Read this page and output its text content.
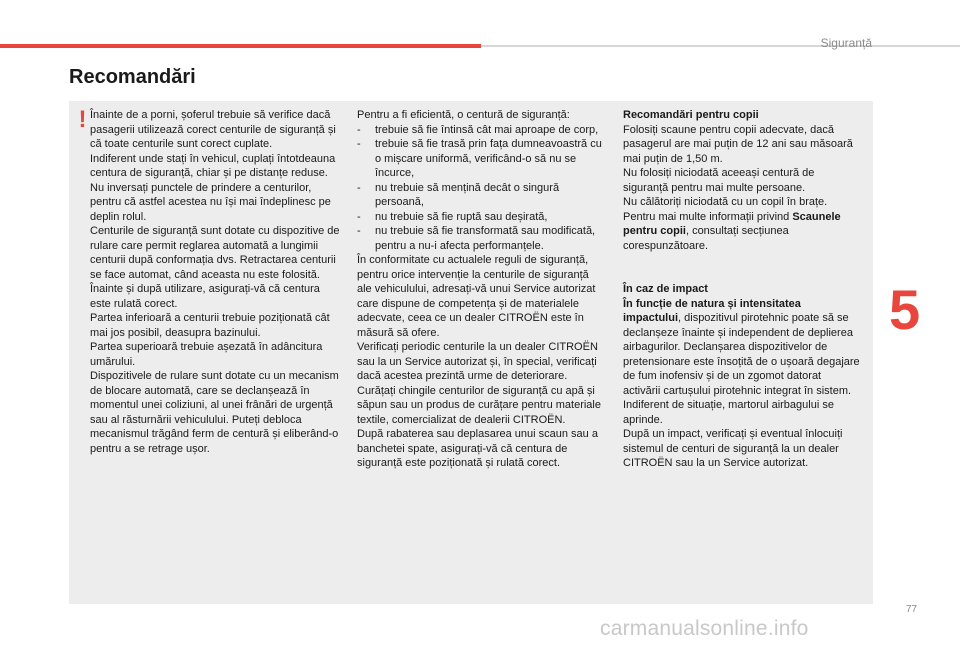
Siguranță
Recomandări
! Înainte de a porni, șoferul trebuie să verifice dacă pasagerii utilizează corect centurile de siguranță și că toate centurile sunt corect cuplate.

Indiferent unde stați în vehicul, cuplați întotdeauna centura de siguranță, chiar și pe distanțe reduse.

Nu inversați punctele de prindere a centurilor, pentru că astfel acestea nu își mai îndeplinesc pe deplin rolul.

Centurile de siguranță sunt dotate cu dispozitive de rulare care permit reglarea automată a lungimii centurii după conformația dvs. Retractarea centurii se face automat, când aceasta nu este folosită.

Înainte și după utilizare, asigurați-vă că centura este rulată corect.

Partea inferioară a centurii trebuie poziționată cât mai jos posibil, deasupra bazinului.

Partea superioară trebuie așezată în adâncitura umărului.

Dispozitivele de rulare sunt dotate cu un mecanism de blocare automată, care se declanșează în momentul unei coliziuni, al unei frânări de urgență sau al răsturnării vehiculului. Puteți debloca mecanismul trăgând ferm de centură și eliberând-o pentru a se retrage ușor.

Pentru a fi eficientă, o centură de siguranță:

-	trebuie să fie întinsă cât mai aproape de corp,
-	trebuie să fie trasă prin fața dumneavoastră cu o mișcare uniformă, verificând-o să nu se încurce,
-	nu trebuie să mențină decât o singură persoană,
-	nu trebuie să fie ruptă sau deșirată,
-	nu trebuie să fie transformată sau modificată, pentru a nu-i afecta performanțele.

În conformitate cu actualele reguli de siguranță, pentru orice intervenție la centurile de siguranță ale vehiculului, adresați-vă unui Service autorizat care dispune de competența și de materialele adecvate, ceea ce un dealer CITROËN este în măsură să ofere.

Verificați periodic centurile la un dealer CITROËN sau la un Service autorizat și, în special, verificați dacă acestea prezintă urme de deteriorare.

Curățați chingile centurilor de siguranță cu apă și săpun sau un produs de curățare pentru materiale textile, comercializat de dealerii CITROËN.

După rabaterea sau deplasarea unui scaun sau a banchetei spate, asigurați-vă că centura de siguranță este poziționată și rulată corect.

Recomandări pentru copii

Folosiți scaune pentru copii adecvate, dacă pasagerul are mai puțin de 12 ani sau măsoară mai puțin de 1,50 m.

Nu folosiți niciodată aceeași centură de siguranță pentru mai multe persoane.

Nu călătoriți niciodată cu un copil în brațe.

Pentru mai multe informații privind Scaunele pentru copii, consultați secțiunea corespunzătoare.

În caz de impact

În funcție de natura și intensitatea impactului, dispozitivul pirotehnic poate să se declanșeze înainte și independent de deplierea airbagurilor. Declanșarea dispozitivelor de pretensionare este însoțită de o ușoară degajare de fum inofensiv și de un zgomot datorat activării cartușului pirotehnic integrat în sistem.

Indiferent de situație, martorul airbagului se aprinde.

După un impact, verificați și eventual înlocuiți sistemul de centuri de siguranță la un dealer CITROËN sau la un Service autorizat.

5
77
carmanualsonline.info
